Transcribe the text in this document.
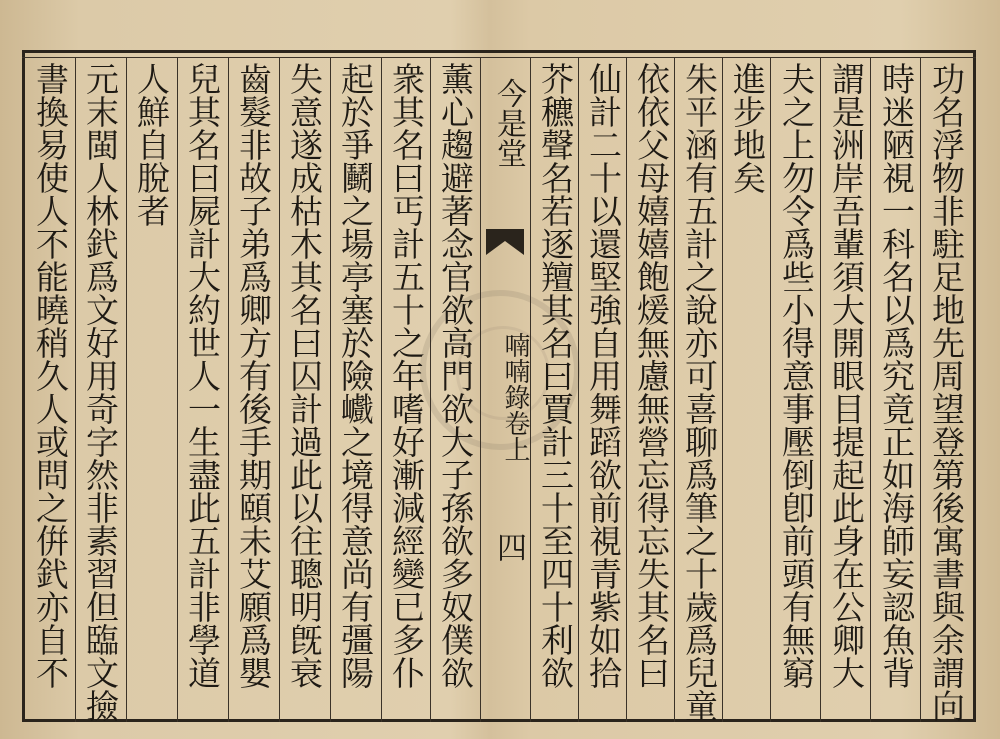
功名浮物非駐足地先周望登第後寓書與余謂向
時迷陋視一科名以爲究竟正如海師妄認魚背
謂是洲岸吾輩須大開眼目提起此身在公卿大
夫之上勿令爲些小得意事壓倒卽前頭有無窮
進步地矣
朱平涵有五計之說亦可喜聊爲筆之十歲爲兒童
依依父母嬉嬉飽煖無慮無營忘得忘失其名曰
仙計二十以還堅強自用舞蹈欲前視青紫如拾
芥穮聲名若逐羶其名曰賈計三十至四十利欲
今是堂
喃喃錄卷上
四
薰心趨避著念官欲高門欲大子孫欲多奴僕欲
衆其名曰丐計五十之年嗜好漸減經變已多仆
起於爭鬭之場亭塞於險巇之境得意尚有彊陽
失意遂成枯木其名曰囚計過此以往聰明旣衰
齒髮非故子弟爲卿方有後手期頤未艾願爲嬰
兒其名曰屍計大約世人一生盡此五計非學道
人鮮自脫者
元末閩人林釴爲文好用奇字然非素習但臨文撿
書換易使人不能曉稍久人或問之倂釴亦自不
